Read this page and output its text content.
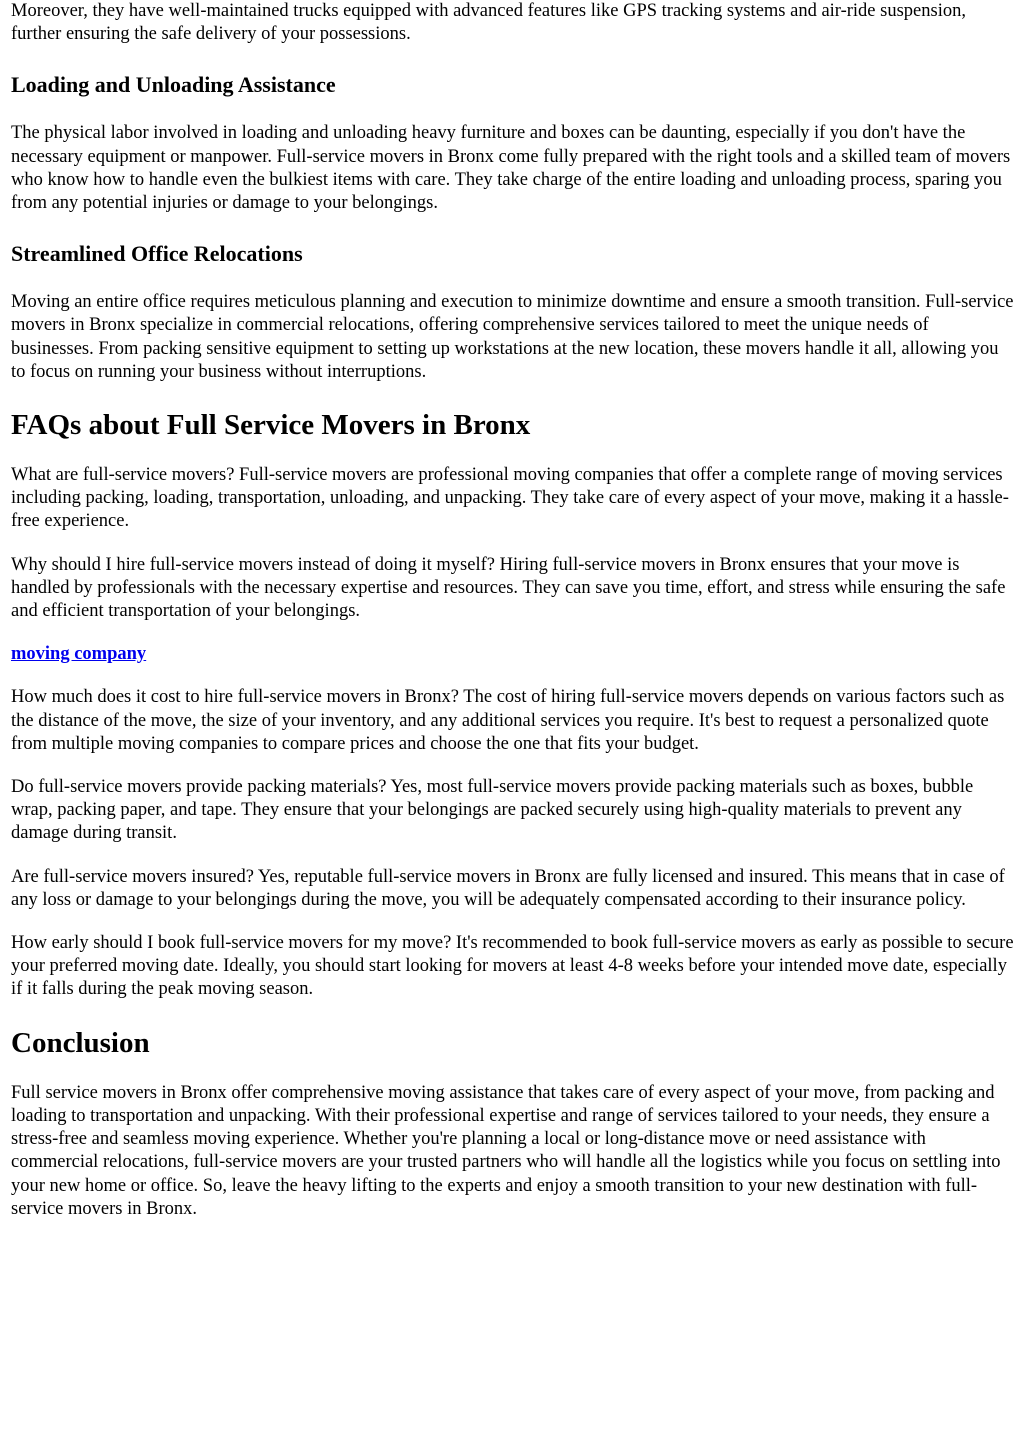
Moreover, they have well-maintained trucks equipped with advanced features like GPS tracking systems and air-ride suspension, further ensuring the safe delivery of your possessions.

Loading and Unloading Assistance

The physical labor involved in loading and unloading heavy furniture and boxes can be daunting, especially if you don't have the necessary equipment or manpower. Full-service movers in Bronx come fully prepared with the right tools and a skilled team of movers who know how to handle even the bulkiest items with care. They take charge of the entire loading and unloading process, sparing you from any potential injuries or damage to your belongings.

Streamlined Office Relocations

Moving an entire office requires meticulous planning and execution to minimize downtime and ensure a smooth transition. Full-service movers in Bronx specialize in commercial relocations, offering comprehensive services tailored to meet the unique needs of businesses. From packing sensitive equipment to setting up workstations at the new location, these movers handle it all, allowing you to focus on running your business without interruptions.

FAQs about Full Service Movers in Bronx

What are full-service movers? Full-service movers are professional moving companies that offer a complete range of moving services including packing, loading, transportation, unloading, and unpacking. They take care of every aspect of your move, making it a hassle-free experience.

Why should I hire full-service movers instead of doing it myself? Hiring full-service movers in Bronx ensures that your move is handled by professionals with the necessary expertise and resources. They can save you time, effort, and stress while ensuring the safe and efficient transportation of your belongings.

moving company

How much does it cost to hire full-service movers in Bronx? The cost of hiring full-service movers depends on various factors such as the distance of the move, the size of your inventory, and any additional services you require. It's best to request a personalized quote from multiple moving companies to compare prices and choose the one that fits your budget.

Do full-service movers provide packing materials? Yes, most full-service movers provide packing materials such as boxes, bubble wrap, packing paper, and tape. They ensure that your belongings are packed securely using high-quality materials to prevent any damage during transit.

Are full-service movers insured? Yes, reputable full-service movers in Bronx are fully licensed and insured. This means that in case of any loss or damage to your belongings during the move, you will be adequately compensated according to their insurance policy.

How early should I book full-service movers for my move? It's recommended to book full-service movers as early as possible to secure your preferred moving date. Ideally, you should start looking for movers at least 4-8 weeks before your intended move date, especially if it falls during the peak moving season.

Conclusion

Full service movers in Bronx offer comprehensive moving assistance that takes care of every aspect of your move, from packing and loading to transportation and unpacking. With their professional expertise and range of services tailored to your needs, they ensure a stress-free and seamless moving experience. Whether you're planning a local or long-distance move or need assistance with commercial relocations, full-service movers are your trusted partners who will handle all the logistics while you focus on settling into your new home or office. So, leave the heavy lifting to the experts and enjoy a smooth transition to your new destination with full-service movers in Bronx.
